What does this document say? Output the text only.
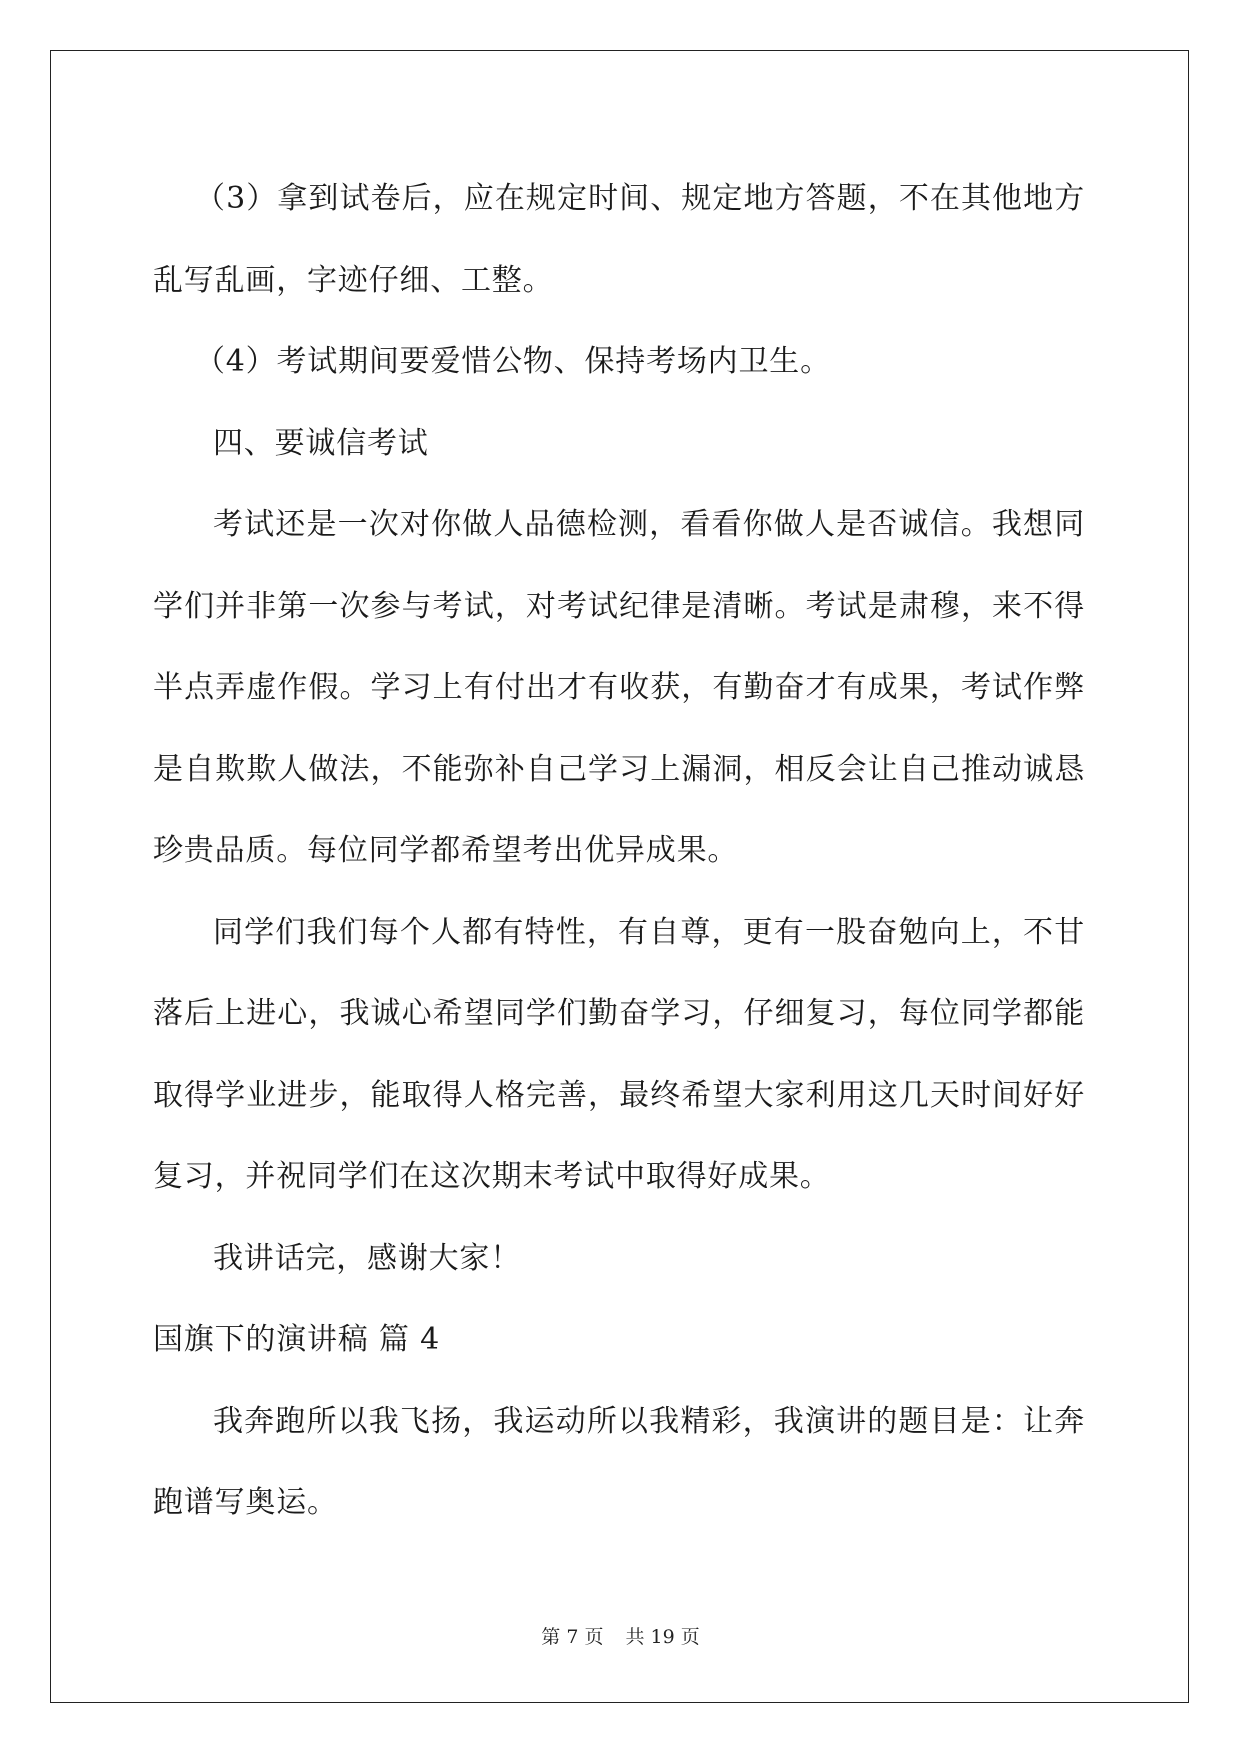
（3）拿到试卷后，应在规定时间、规定地方答题，不在其他地方乱写乱画，字迹仔细、工整。

（4）考试期间要爱惜公物、保持考场内卫生。

四、要诚信考试

考试还是一次对你做人品德检测，看看你做人是否诚信。我想同学们并非第一次参与考试，对考试纪律是清晰。考试是肃穆，来不得半点弄虚作假。学习上有付出才有收获，有勤奋才有成果，考试作弊是自欺欺人做法，不能弥补自己学习上漏洞，相反会让自己推动诚恳珍贵品质。每位同学都希望考出优异成果。

同学们我们每个人都有特性，有自尊，更有一股奋勉向上，不甘落后上进心，我诚心希望同学们勤奋学习，仔细复习，每位同学都能取得学业进步，能取得人格完善，最终希望大家利用这几天时间好好复习，并祝同学们在这次期末考试中取得好成果。

我讲话完，感谢大家！

国旗下的演讲稿 篇 4

我奔跑所以我飞扬，我运动所以我精彩，我演讲的题目是：让奔跑谱写奥运。

第 7 页 共 19 页
